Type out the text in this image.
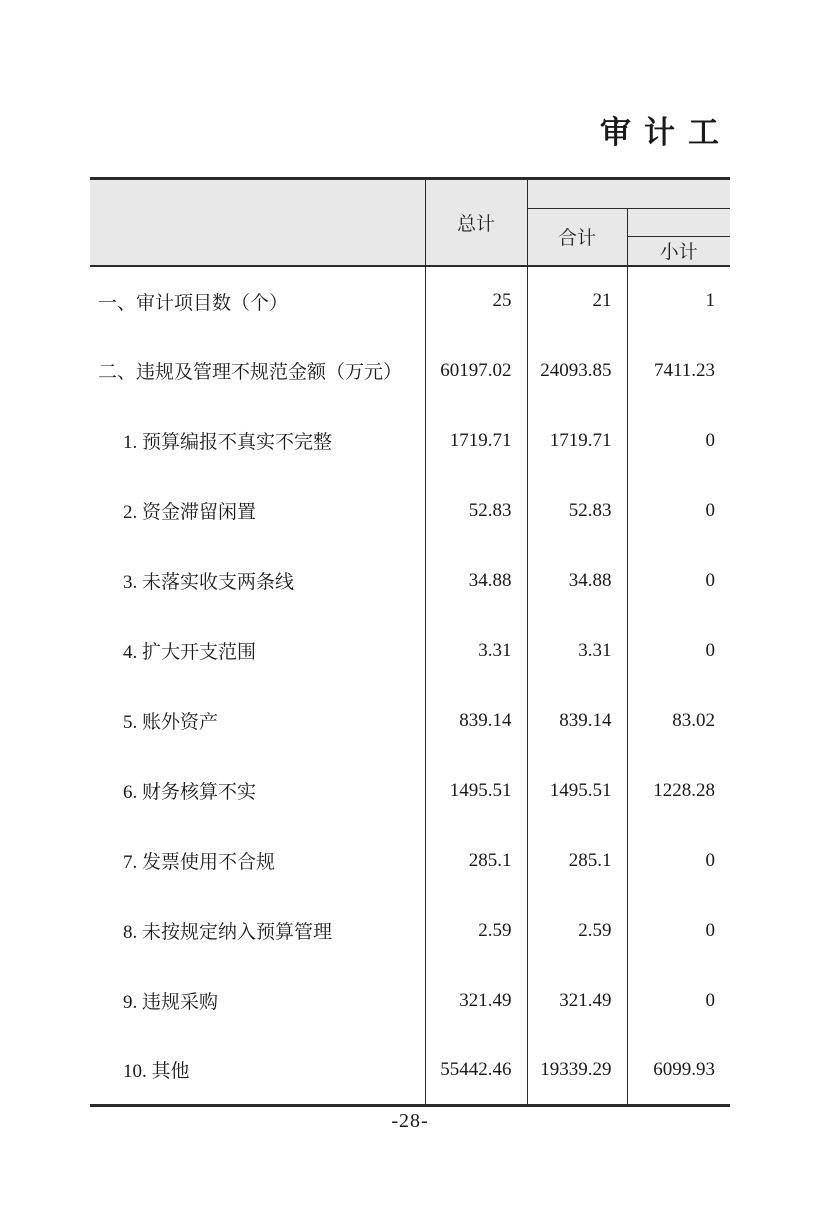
审计工
	总计		
		合计	
			小计
一、审计项目数（个）	25	21	1
二、违规及管理不规范金额（万元）	60197.02	24093.85	7411.23
1. 预算编报不真实不完整	1719.71	1719.71	0
2. 资金滞留闲置	52.83	52.83	0
3. 未落实收支两条线	34.88	34.88	0
4. 扩大开支范围	3.31	3.31	0
5. 账外资产	839.14	839.14	83.02
6. 财务核算不实	1495.51	1495.51	1228.28
7. 发票使用不合规	285.1	285.1	0
8. 未按规定纳入预算管理	2.59	2.59	0
9. 违规采购	321.49	321.49	0
10. 其他	55442.46	19339.29	6099.93
-28-
